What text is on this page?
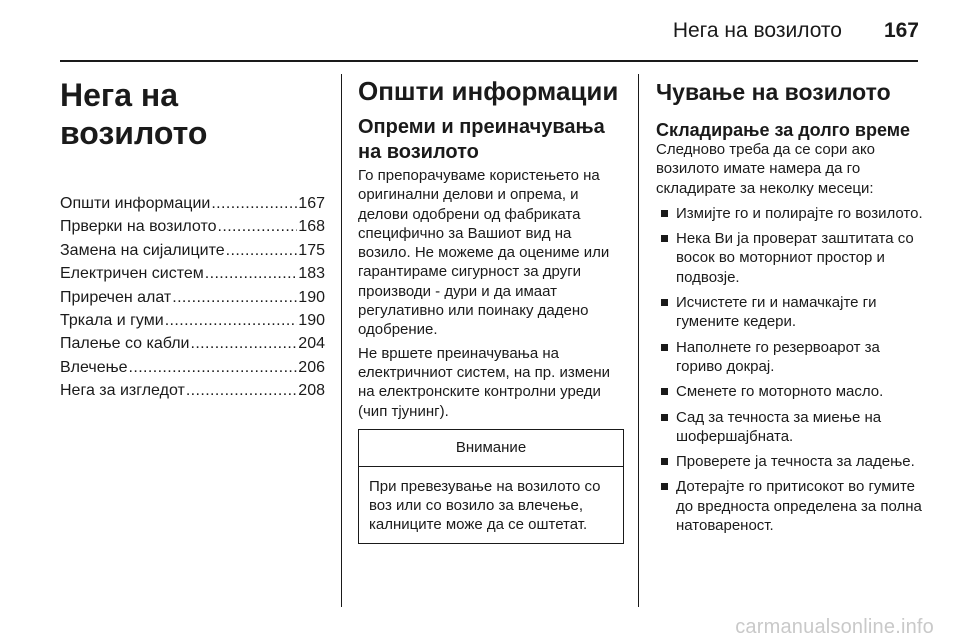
Нега на возилото 167
Нега на возилото
Општи информации .....	167
Прверки на возилото .....	168
Замена на сијалиците .....	175
Електричен систем .....	183
Приречен алат .....	190
Тркала и гуми .....	190
Палење со кабли .....	204
Влечење .....	206
Нега за изгледот .....	208
Општи информации
Опреми и преиначувања на возилото

Го препорачуваме користењето на оригинални делови и опрема, и делови одобрени од фабриката специфично за Вашиот вид на возило. Не можеме да оцениме или гарантираме сигурност за други производи - дури и да имаат регулативно или поинаку дадено одобрение.

Не вршете преиначувања на електричниот систем, на пр. измени на електронските контролни уреди (чип тјунинг).

Внимание
При превезување на возилото со воз или со возило за влечење, калниците може да се оштетат.
Чување на возилото
Складирање за долго време

Следново треба да се сори ако возилото имате намера да го складирате за неколку месеци:

Измијте го и полирајте го возилото.
Нека Ви ја проверат заштитата со восок во моторниот простор и подвозје.
Исчистете ги и намачкајте ги гумените кедери.
Наполнете го резервоарот за гориво докрај.
Сменете го моторното масло.
Сад за течноста за миење на шофершајбната.
Проверете ја течноста за ладење.
Дотерајте го притисокот во гумите до вредноста определена за полна натовареност.
carmanualsonline.info
